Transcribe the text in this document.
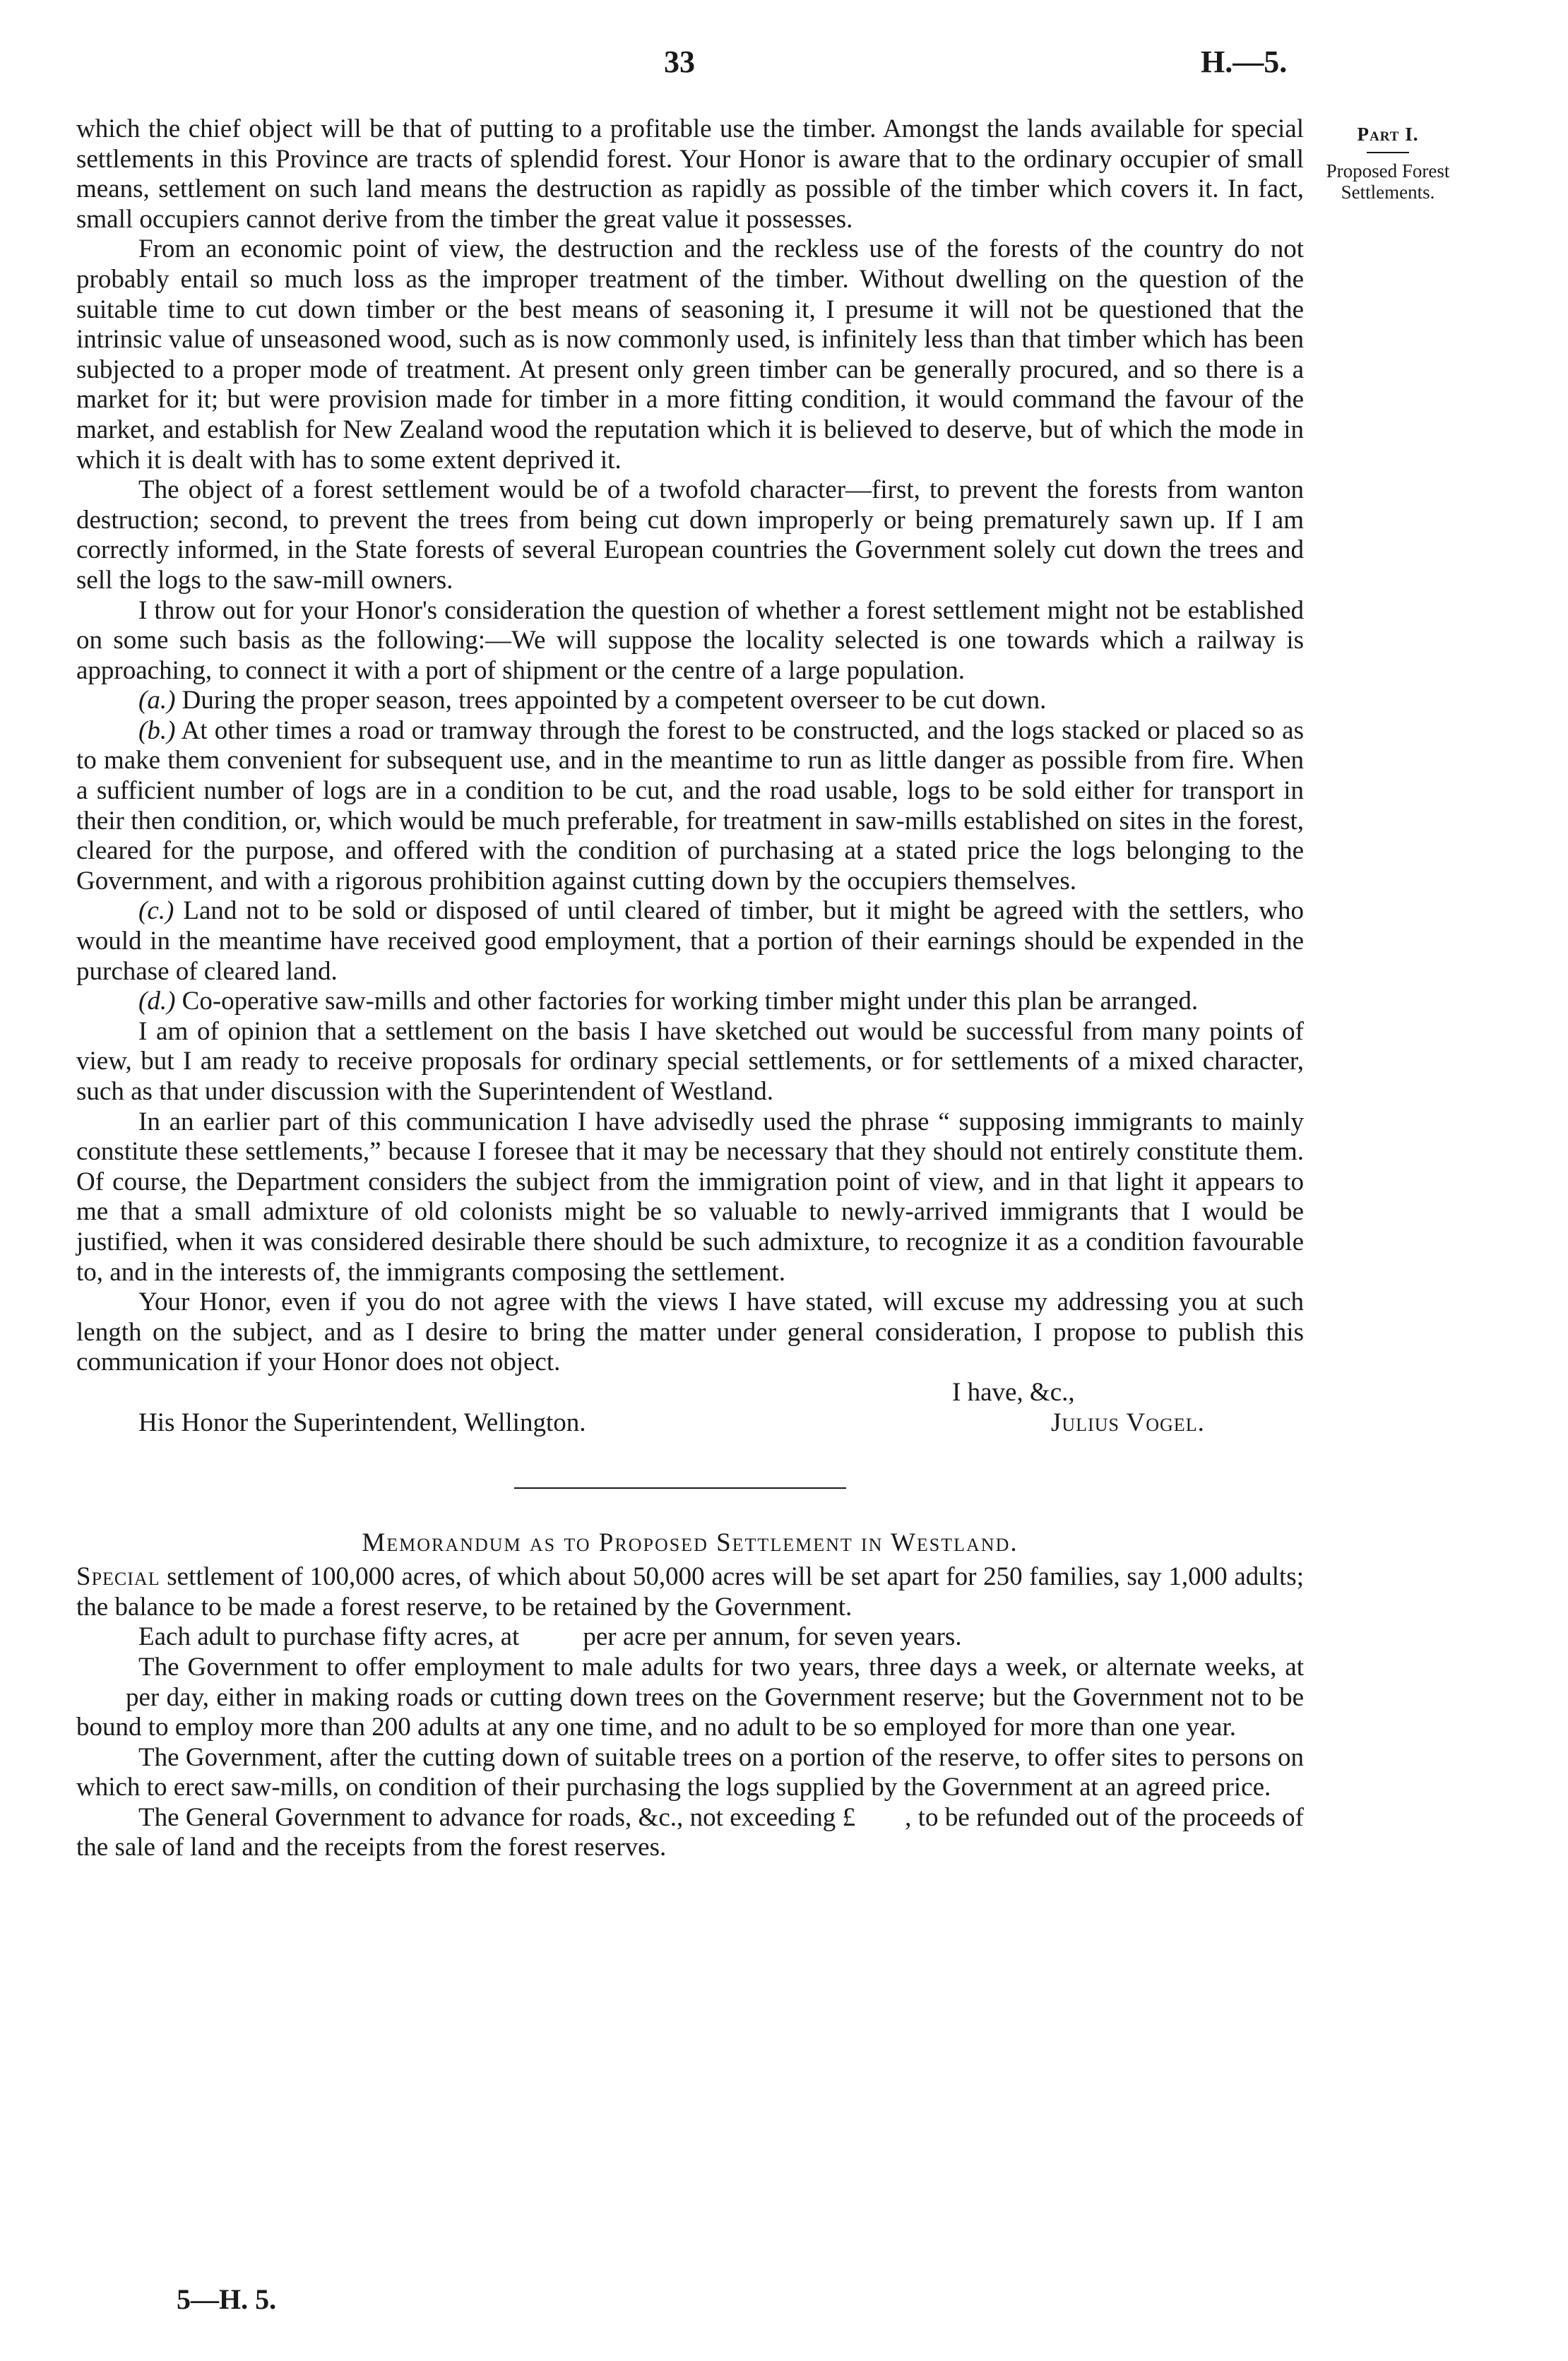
33	H.—5.
Part I.
Proposed Forest Settlements.

which the chief object will be that of putting to a profitable use the timber. Amongst the lands available for special settlements in this Province are tracts of splendid forest. Your Honor is aware that to the ordinary occupier of small means, settlement on such land means the destruction as rapidly as possible of the timber which covers it. In fact, small occupiers cannot derive from the timber the great value it possesses.

From an economic point of view, the destruction and the reckless use of the forests of the country do not probably entail so much loss as the improper treatment of the timber. Without dwelling on the question of the suitable time to cut down timber or the best means of seasoning it, I presume it will not be questioned that the intrinsic value of unseasoned wood, such as is now commonly used, is infinitely less than that timber which has been subjected to a proper mode of treatment. At present only green timber can be generally procured, and so there is a market for it; but were provision made for timber in a more fitting condition, it would command the favour of the market, and establish for New Zealand wood the reputation which it is believed to deserve, but of which the mode in which it is dealt with has to some extent deprived it.

The object of a forest settlement would be of a twofold character—first, to prevent the forests from wanton destruction; second, to prevent the trees from being cut down improperly or being prematurely sawn up. If I am correctly informed, in the State forests of several European countries the Government solely cut down the trees and sell the logs to the saw-mill owners.

I throw out for your Honor's consideration the question of whether a forest settlement might not be established on some such basis as the following:—We will suppose the locality selected is one towards which a railway is approaching, to connect it with a port of shipment or the centre of a large population.

(a.) During the proper season, trees appointed by a competent overseer to be cut down.

(b.) At other times a road or tramway through the forest to be constructed, and the logs stacked or placed so as to make them convenient for subsequent use, and in the meantime to run as little danger as possible from fire. When a sufficient number of logs are in a condition to be cut, and the road usable, logs to be sold either for transport in their then condition, or, which would be much preferable, for treatment in saw-mills established on sites in the forest, cleared for the purpose, and offered with the condition of purchasing at a stated price the logs belonging to the Government, and with a rigorous prohibition against cutting down by the occupiers themselves.

(c.) Land not to be sold or disposed of until cleared of timber, but it might be agreed with the settlers, who would in the meantime have received good employment, that a portion of their earnings should be expended in the purchase of cleared land.

(d.) Co-operative saw-mills and other factories for working timber might under this plan be arranged.

I am of opinion that a settlement on the basis I have sketched out would be successful from many points of view, but I am ready to receive proposals for ordinary special settlements, or for settlements of a mixed character, such as that under discussion with the Superintendent of Westland.

In an earlier part of this communication I have advisedly used the phrase “ supposing immigrants to mainly constitute these settlements,” because I foresee that it may be necessary that they should not entirely constitute them. Of course, the Department considers the subject from the immigration point of view, and in that light it appears to me that a small admixture of old colonists might be so valuable to newly-arrived immigrants that I would be justified, when it was considered desirable there should be such admixture, to recognize it as a condition favourable to, and in the interests of, the immigrants composing the settlement.

Your Honor, even if you do not agree with the views I have stated, will excuse my addressing you at such length on the subject, and as I desire to bring the matter under general consideration, I propose to publish this communication if your Honor does not object.

I have, &c.,
His Honor the Superintendent, Wellington.	Julius Vogel.

Memorandum as to Proposed Settlement in Westland.

Special settlement of 100,000 acres, of which about 50,000 acres will be set apart for 250 families, say 1,000 adults; the balance to be made a forest reserve, to be retained by the Government.

Each adult to purchase fifty acres, at per acre per annum, for seven years.

The Government to offer employment to male adults for two years, three days a week, or alternate weeks, atper day, either in making roads or cutting down trees on the Government reserve; but the Government not to be bound to employ more than 200 adults at any one time, and no adult to be so employed for more than one year.

The Government, after the cutting down of suitable trees on a portion of the reserve, to offer sites to persons on which to erect saw-mills, on condition of their purchasing the logs supplied by the Government at an agreed price.

The General Government to advance for roads, &c., not exceeding £ , to be refunded out of the proceeds of the sale of land and the receipts from the forest reserves.

5—H. 5.
